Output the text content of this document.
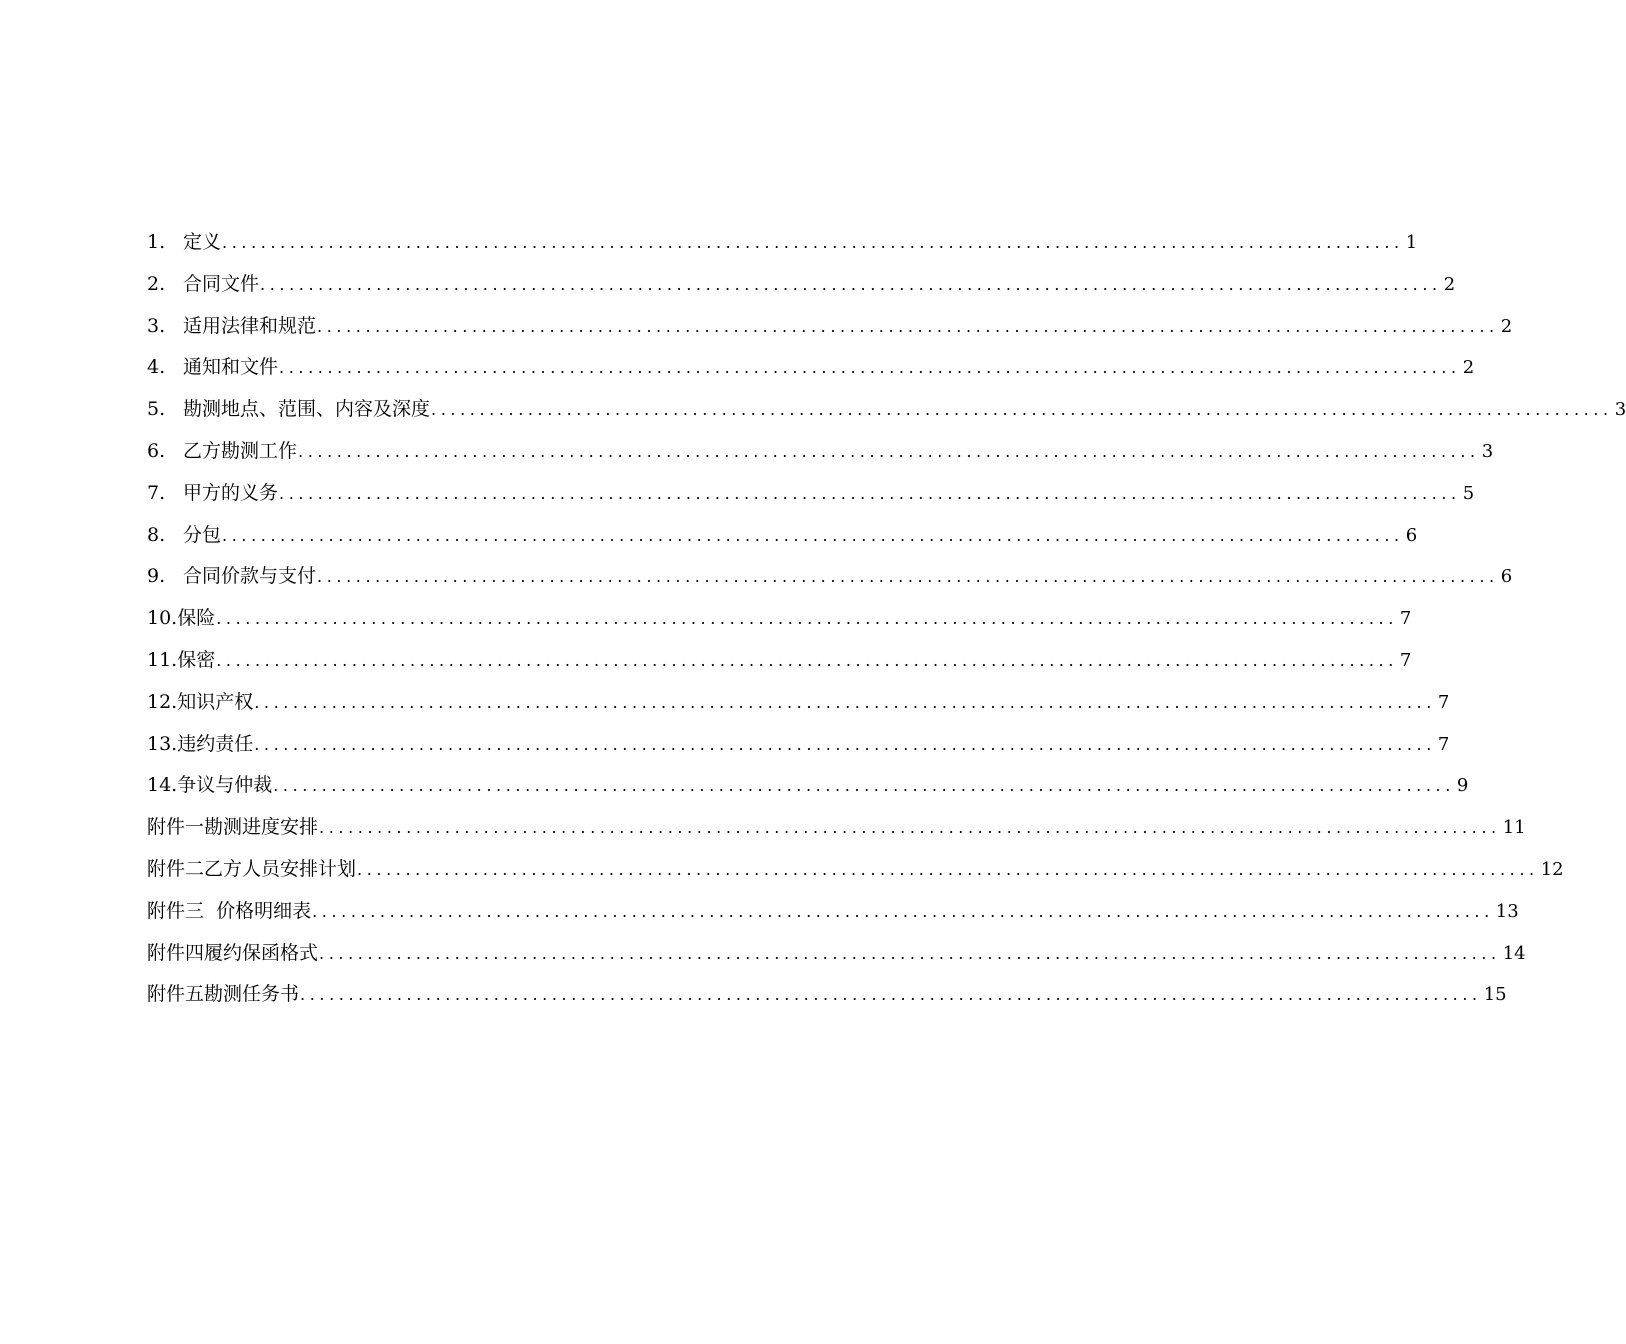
1. 定义 .......................................................................................................................... 1
2. 合同文件 .......................................................................................................................... 2
3. 适用法律和规范 .......................................................................................................................... 2
4. 通知和文件 .......................................................................................................................... 2
5. 勘测地点、范围、内容及深度 .......................................................................................................................... 3
6. 乙方勘测工作 .......................................................................................................................... 3
7. 甲方的义务 .......................................................................................................................... 5
8. 分包 .......................................................................................................................... 6
9. 合同价款与支付 .......................................................................................................................... 6
10. 保险 .......................................................................................................................... 7
11. 保密 .......................................................................................................................... 7
12. 知识产权 .......................................................................................................................... 7
13. 违约责任 .......................................................................................................................... 7
14. 争议与仲裁 .......................................................................................................................... 9
附件一勘测进度安排 .......................................................................................................................... 11
附件二乙方人员安排计划 .......................................................................................................................... 12
附件三  价格明细表 .......................................................................................................................... 13
附件四履约保函格式 .......................................................................................................................... 14
附件五勘测任务书 .......................................................................................................................... 15
